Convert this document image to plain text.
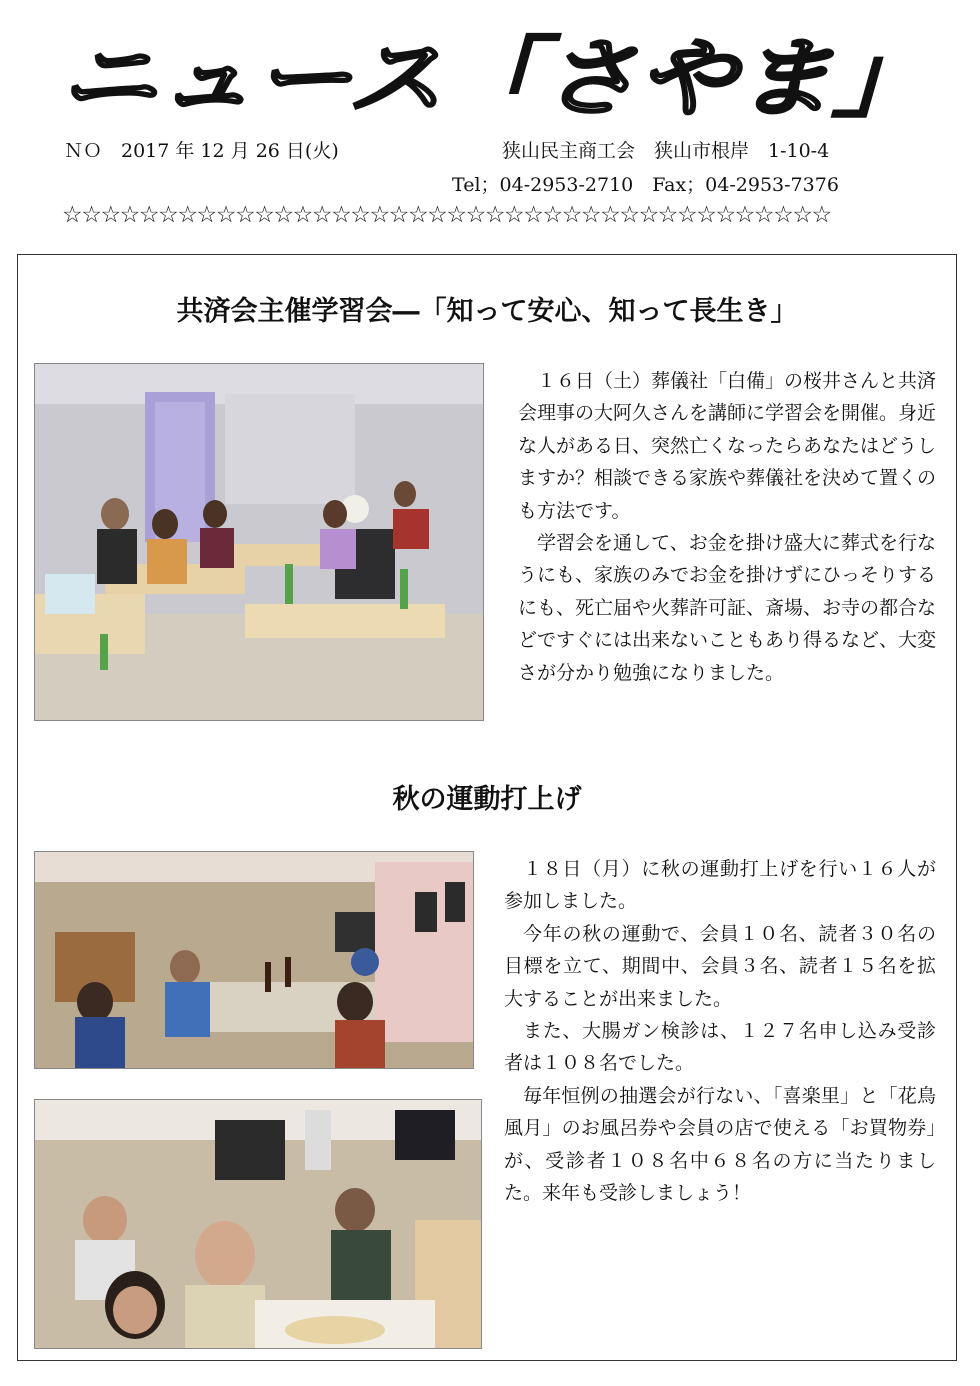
ニュース「さやま」
ＮＯ　2017 年 12 月 26 日(火)	狭山民主商工会　狭山市根岸　1-10-4
Tel；04-2953-2710　Fax；04-2953-7376
☆☆☆☆☆☆☆☆☆☆☆☆☆☆☆☆☆☆☆☆☆☆☆☆☆☆☆☆☆☆☆☆☆☆☆☆☆☆☆☆
共済会主催学習会―「知って安心、知って長生き」

１６日（土）葬儀社「白備」の桜井さんと共済会理事の大阿久さんを講師に学習会を開催。身近な人がある日、突然亡くなったらあなたはどうしますか？相談できる家族や葬儀社を決めて置くのも方法です。

学習会を通して、お金を掛け盛大に葬式を行なうにも、家族のみでお金を掛けずにひっそりするにも、死亡届や火葬許可証、斎場、お寺の都合などですぐには出来ないこともあり得るなど、大変さが分かり勉強になりました。

秋の運動打上げ

１８日（月）に秋の運動打上げを行い１６人が参加しました。

今年の秋の運動で、会員１０名、読者３０名の目標を立て、期間中、会員３名、読者１５名を拡大することが出来ました。

また、大腸ガン検診は、１２７名申し込み受診者は１０８名でした。

毎年恒例の抽選会が行ない、「喜楽里」と「花鳥風月」のお風呂券や会員の店で使える「お買物券」が、受診者１０８名中６８名の方に当たりました。来年も受診しましょう！
